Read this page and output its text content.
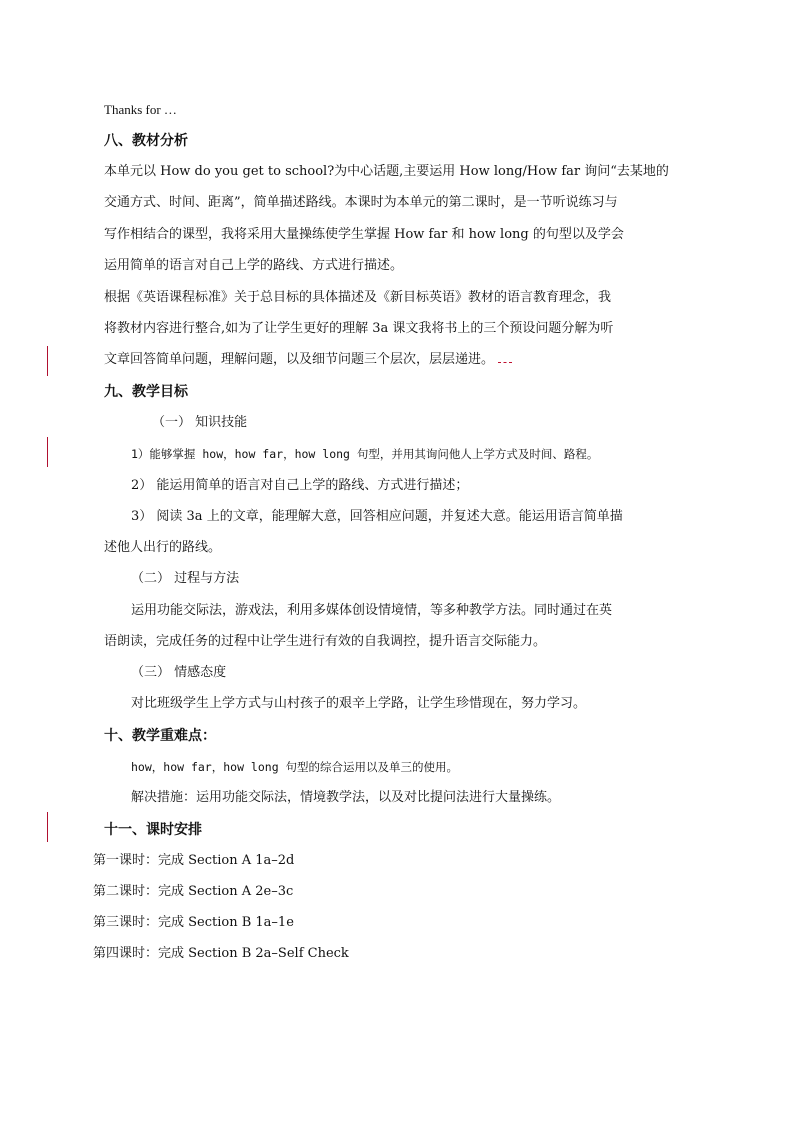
Thanks for …
八、教材分析
本单元以 How do you get to school?为中心话题,主要运用 How long/How far 询问“去某地的
交通方式、时间、距离”，简单描述路线。本课时为本单元的第二课时，是一节听说练习与
写作相结合的课型，我将采用大量操练使学生掌握 How far 和 how long 的句型以及学会
运用简单的语言对自己上学的路线、方式进行描述。
根据《英语课程标准》关于总目标的具体描述及《新目标英语》教材的语言教育理念，我
将教材内容进行整合,如为了让学生更好的理解 3a 课文我将书上的三个预设问题分解为听
文章回答简单问题，理解问题，以及细节问题三个层次，层层递进。
九、教学目标
（一） 知识技能
1）能够掌握 how，how far，how long 句型，并用其询问他人上学方式及时间、路程。
2） 能运用简单的语言对自己上学的路线、方式进行描述；
3） 阅读 3a 上的文章，能理解大意，回答相应问题，并复述大意。能运用语言简单描
述他人出行的路线。
（二） 过程与方法
运用功能交际法，游戏法，利用多媒体创设情境情，等多种教学方法。同时通过在英
语朗读，完成任务的过程中让学生进行有效的自我调控，提升语言交际能力。
（三） 情感态度
对比班级学生上学方式与山村孩子的艰辛上学路，让学生珍惜现在，努力学习。
十、教学重难点：
how，how far，how long 句型的综合运用以及单三的使用。
解决措施：运用功能交际法，情境教学法，以及对比提问法进行大量操练。
十一、课时安排
第一课时：完成 Section A 1a–2d
第二课时：完成 Section A 2e–3c
第三课时：完成 Section B 1a–1e
第四课时：完成 Section B 2a–Self Check
